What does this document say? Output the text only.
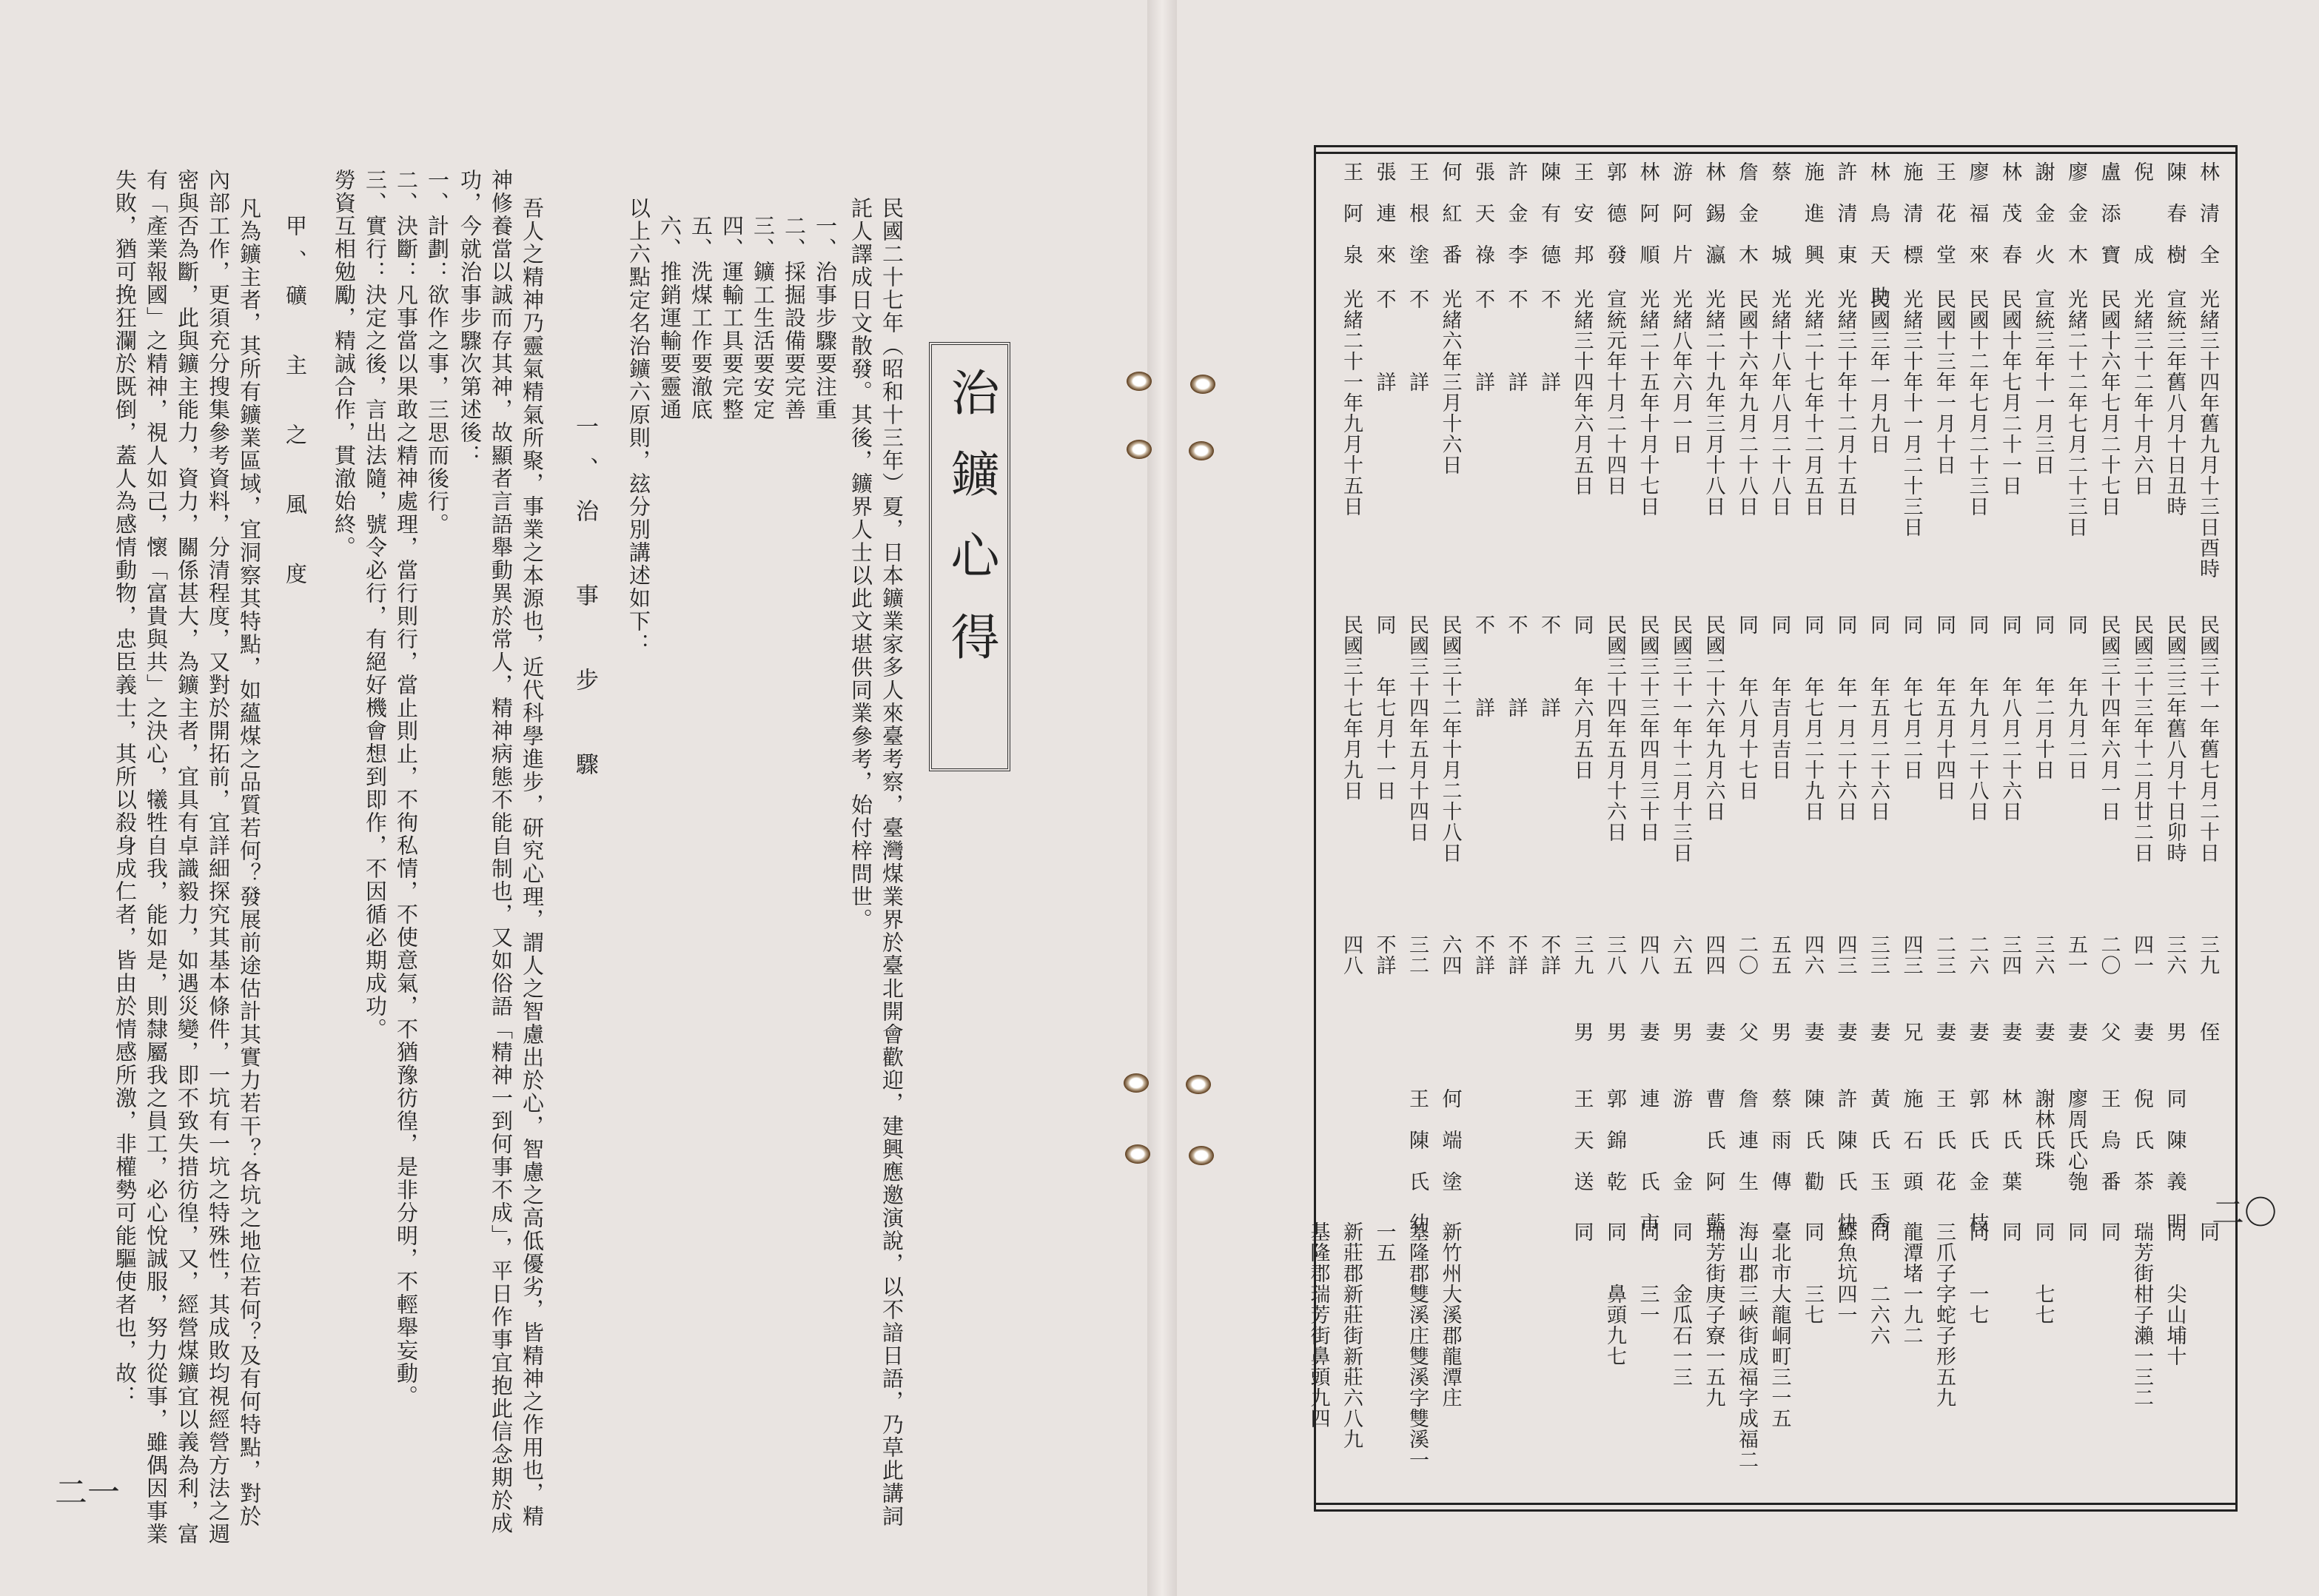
治鑛心得
民國二十七年（昭和十三年）夏，日本鑛業家多人來臺考察，臺灣煤業界於臺北開會歡迎，建興應邀演說，以不諳日語，乃草此講詞
託人譯成日文散發。其後，鑛界人士以此文堪供同業參考，始付梓問世。
一、治事步驟要注重
二、採掘設備要完善
三、鑛工生活要安定
四、運輸工具要完整
五、洗煤工作要澈底
六、推銷運輸要靈通
以上六點定名治鑛六原則，玆分別講述如下：
一、治　事　步　驟
吾人之精神乃靈氣精氣所聚，事業之本源也，近代科學進步，研究心理，謂人之智慮出於心，智慮之高低優劣，皆精神之作用也，精
神修養當以誠而存其神，故顯者言語舉動異於常人，精神病態不能自制也，又如俗語「精神一到何事不成」，平日作事宜抱此信念期於成
功，今就治事步驟次第述後：
一、計劃：欲作之事，三思而後行。
二、決斷：凡事當以果敢之精神處理，當行則行，當止則止，不徇私情，不使意氣，不猶豫彷徨，是非分明，不輕舉妄動。
三、實行：決定之後，言出法隨，號令必行，有絕好機會想到即作，不因循必期成功。
勞資互相勉勵，精誠合作，貫澈始終。
甲、礦　主　之　風　度
凡為鑛主者，其所有鑛業區域，宜洞察其特點，如蘊煤之品質若何？發展前途估計其實力若干？各坑之地位若何？及有何特點，對於
內部工作，更須充分搜集參考資料，分清程度，又對於開拓前，宜詳細探究其基本條件，一坑有一坑之特殊性，其成敗均視經營方法之週
密與否為斷，此與鑛主能力，資力，關係甚大，為鑛主者，宜具有卓識毅力，如遇災變，即不致失措彷徨，又，經營煤鑛宜以義為利，富
有「產業報國」之精神，視人如己，懷「富貴與共」之決心，犧牲自我，能如是，則隸屬我之員工，必心悅誠服，努力從事，雖偶因事業
失敗，猶可挽狂瀾於既倒，蓋人為感情動物，忠臣義士，其所以殺身成仁者，皆由於情感所激，非權勢可能驅使者也，故：
二一
二〇
林　清　全
光緒三十四年舊九月十三日酉時
民國三十一年舊七月二十日
三九
侄
同
陳　春　樹
宣統三年舊八月十日丑時
民國三三年舊八月十日卯時
三六
男
同　陳　義　明
同　　尖山埔十
倪　　　成
光緒三十二年十月六日
民國三十三年十二月廿二日
四一
妻
倪　氏　茶
瑞芳街柑子瀨一三二
盧　添　寶
民國十六年七月二十七日
民國三十四年六月一日
二〇
父
王　烏　番
同
廖　金　木
光緒二十二年七月二十三日
同　　年九月二日
五一
妻
廖周氏心匏
同
謝　金　火
宣統三年十一月三日
同　　年二月十日
三六
妻
謝林氏珠
同　　七七
林　茂　春
民國十年七月二十一日
同　　年八月二十六日
三四
妻
林　氏　葉
同
廖　福　來
民國十二年七月二十三日
同　　年九月二十八日
二六
妻
郭　氏　金　枝
同　　一七
王　花　堂
民國十三年一月十日
同　　年五月十四日
二三
妻
王　氏　花
三爪子字蛇子形五九
施　清　標
光緒三十年十一月二十三日
同　　年七月二日
四三
兄
施　石　頭
龍潭堵一九二
林　鳥　天　助
民國三年一月九日
同　　年五月二十六日
三三
妻
黃　氏　玉　秀
同　　二六六
許　清　東
光緒三十年十二月十五日
同　　年一月二十六日
四三
妻
許　陳　氏　快
鰈魚坑四一
施　進　興
光緒二十七年十二月五日
同　　年七月二十九日
四六
妻
陳　氏　勸
同　　三七
蔡　　　城
光緒十八年八月二十八日
同　　年吉月吉日
五五
男
蔡　雨　傳
臺北市大龍峒町三一五
詹　金　木
民國十六年九月二十八日
同　　年八月十七日
二〇
父
詹　連　生
海山郡三峽街成福字成福二
林　錫　瀛
光緒二十九年三月十八日
民國二十六年九月六日
四四
妻
曹　氏　阿　藍
瑞芳街庚子寮一五九
游　阿　片
光緒八年六月一日
民國三十一年十二月十三日
六五
男
游　　　金
同　　金瓜石一三
林　阿　順
光緒二十五年十月十七日
民國三十三年四月三十日
四八
妻
連　　　氏　市
同　　三一
郭　德　發
宣統元年十月二十四日
民國三十四年五月十六日
三八
男
郭　錦　乾
同　　鼻頭九七
王　安　邦
光緒三十四年六月五日
同　　年六月五日
三九
男
王　天　送
同
陳　有　德
不　　　詳
不　　　詳
不詳
許　金　李
不　　　詳
不　　　詳
不詳
張　天　祿
不　　　詳
不　　　詳
不詳
何　紅　番
光緒六年三月十六日
民國三十二年十月二十八日
六四
何　端　塗
新竹州大溪郡龍潭庄
王　根　塗
不　　　詳
民國三十四年五月十四日
三二
王　陳　氏　幼
基隆郡雙溪庄雙溪字雙溪一
張　連　來
不　　　詳
同　　年七月十一日
不詳
一五
王　阿　泉
光緒二十一年九月十五日
民國三十七年月九日
四八
新莊郡新莊街新莊六八九
基隆郡瑞芳街鼻頭九四
